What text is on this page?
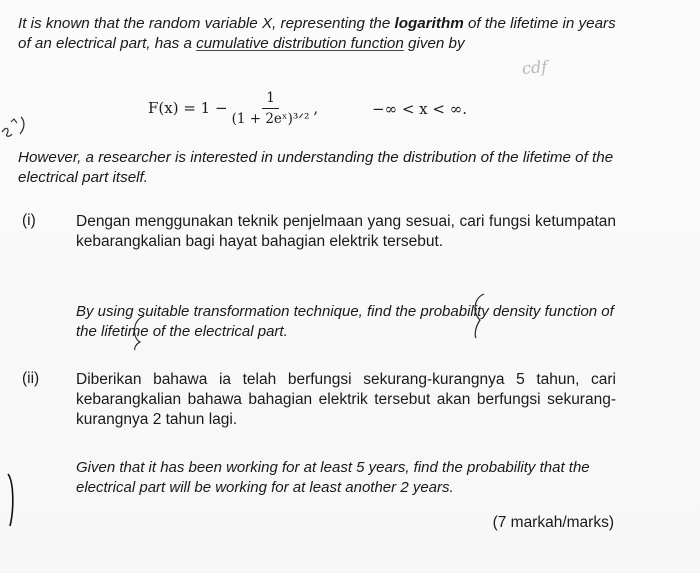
It is known that the random variable X, representing the logarithm of the lifetime in years of an electrical part, has a cumulative distribution function given by
cdf
$F(x) = 1 - \frac{1}{\text{(1 + 2eˣ)³ᐟ²}}$ ,	−∞ < x < ∞.
However, a researcher is interested in understanding the distribution of the lifetime of the electrical part itself.
(i)	Dengan menggunakan teknik penjelmaan yang sesuai, cari fungsi ketumpatan kebarangkalian bagi hayat bahagian elektrik tersebut.
By using suitable transformation technique, find the probability density function of the lifetime of the electrical part.
(ii) Diberikan bahawa ia telah berfungsi sekurang-kurangnya 5 tahun, cari kebarangkalian bahawa bahagian elektrik tersebut akan berfungsi sekurang-kurangnya 2 tahun lagi.
Given that it has been working for at least 5 years, find the probability that the electrical part will be working for at least another 2 years.
(7 markah/marks)
